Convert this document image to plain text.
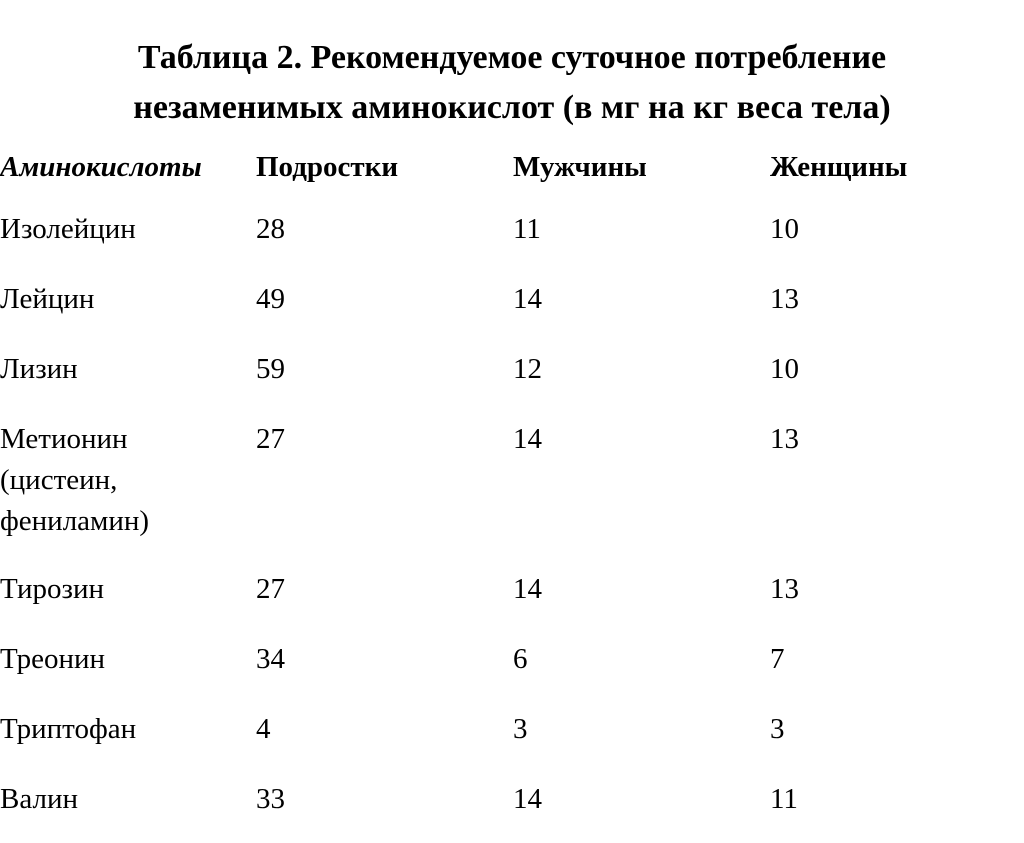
Таблица 2. Рекомендуемое суточное потребление
незаменимых аминокислот (в мг на кг веса тела)
Аминокислоты	Подростки	Мужчины	Женщины
Изолейцин	28	11	10
Лейцин	49	14	13
Лизин	59	12	10

Метионин
(цистеин,
фениламин)	27	14	13
Тирозин	27	14	13
Треонин	34	6	7
Триптофан	4	3	3
Валин	33	14	11
